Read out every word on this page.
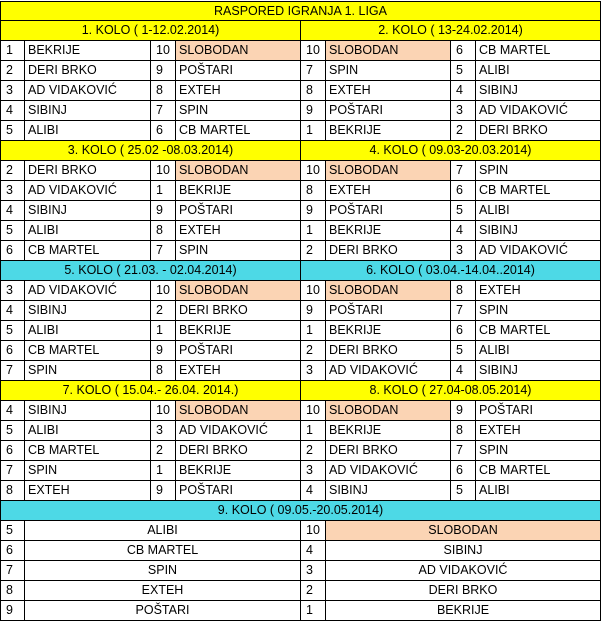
RASPORED IGRANJA 1. LIGA
1. KOLO ( 1-12.02.2014)	2. KOLO ( 13-24.02.2014)
1	BEKRIJE	10 SLOBODAN	10 SLOBODAN	6	CB MARTEL
2	DERI BRKO	9	POŠTARI	7	SPIN	5	ALIBI
3	AD VIDAKOVIĆ	8	EXTEH	8	EXTEH	4	SIBINJ
4	SIBINJ	7	SPIN	9	POŠTARI	3	AD VIDAKOVIĆ
5	ALIBI	6	CB MARTEL	1	BEKRIJE	2	DERI BRKO
3. KOLO ( 25.02 -08.03.2014)	4. KOLO ( 09.03-20.03.2014)
2	DERI BRKO	10 SLOBODAN	10 SLOBODAN	7	SPIN
3	AD VIDAKOVIĆ	1	BEKRIJE	8	EXTEH	6	CB MARTEL
4	SIBINJ	9	POŠTARI	9	POŠTARI	5	ALIBI
5	ALIBI	8	EXTEH	1	BEKRIJE	4	SIBINJ
6	CB MARTEL	7	SPIN	2	DERI BRKO	3	AD VIDAKOVIĆ
5. KOLO ( 21.03. - 02.04.2014)	6. KOLO ( 03.04.-14.04..2014)
3	AD VIDAKOVIĆ	10 SLOBODAN	10 SLOBODAN	8	EXTEH
4	SIBINJ	2	DERI BRKO	9	POŠTARI	7	SPIN
5	ALIBI	1	BEKRIJE	1	BEKRIJE	6	CB MARTEL
6	CB MARTEL	9	POŠTARI	2	DERI BRKO	5	ALIBI
7	SPIN	8	EXTEH	3	AD VIDAKOVIĆ	4	SIBINJ
7. KOLO ( 15.04.- 26.04. 2014.)	8. KOLO ( 27.04-08.05.2014)
4	SIBINJ	10 SLOBODAN	10 SLOBODAN	9	POŠTARI
5	ALIBI	3	AD VIDAKOVIĆ	1	BEKRIJE	8	EXTEH
6	CB MARTEL	2	DERI BRKO	2	DERI BRKO	7	SPIN
7	SPIN	1	BEKRIJE	3	AD VIDAKOVIĆ	6	CB MARTEL
8	EXTEH	9	POŠTARI	4	SIBINJ	5	ALIBI
9. KOLO ( 09.05.-20.05.2014)
5	ALIBI	10	SLOBODAN
6	CB MARTEL	4	SIBINJ
7	SPIN	3	AD VIDAKOVIĆ
8	EXTEH	2	DERI BRKO
9	POŠTARI	1	BEKRIJE
